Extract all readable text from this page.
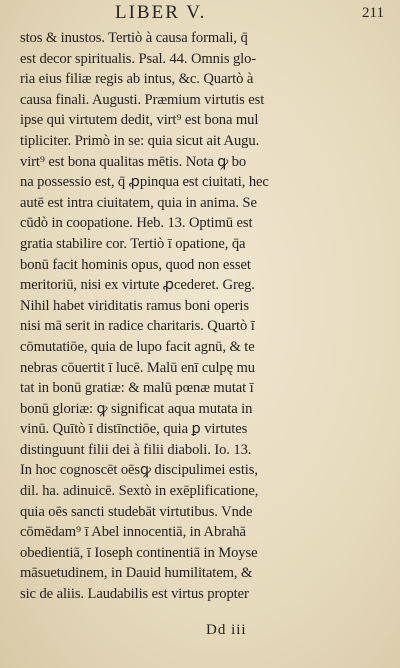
LIBER V.	211
stos & inustos. Tertiò à causa formali, q̄
est decor spiritualis. Psal. 44. Omnis glo-
ria eius filiæ regis ab intus, &c. Quartò à
causa finali. Augusti. Præmium virtutis est
ipse qui virtutem dedit, virt⁹ est bona mul
tipliciter. Primò in se: quia sicut ait Augu.
virt⁹ est bona qualitas mētis. Nota ꝙ bo
na possessio est, q̄ ꝓpinqua est ciuitati, hec
autē est intra ciuitatem, quia in anima. Se
cūdò in coopatione. Heb. 13. Optimū est
gratia stabilire cor. Tertiò ī opatione, q̄a
bonū facit hominis opus, quod non esset
meritoriū, nisi ex virtute ꝓcederet. Greg.
Nihil habet viriditatis ramus boni operis
nisi mā serit in radice charitaris. Quartò ī
cōmutatiōe, quia de lupo facit agnū, & te
nebras cōuertit ī lucē. Malū enī culpę mu
tat in bonū gratiæ: & malū pœnæ mutat ī
bonū gloriæ: ꝙ significat aqua mutata in
vinū. Quītò ī distīnctiōe, quia ꝑ virtutes
distinguunt filii dei à filii diaboli. Io. 13.
In hoc cognoscēt oēsꝙ discipulimei estis,
dil. ha. adinuicē. Sextò in exēplificatione,
quia oēs sancti studebāt virtutibus. Vnde
cōmēdam⁹ ī Abel innocentiā, in Abrahā
obedientiā, ī Ioseph continentiā in Moyse
māsuetudinem, in Dauid humilitatem, &
sic de aliis. Laudabilis est virtus propter
Dd iii
